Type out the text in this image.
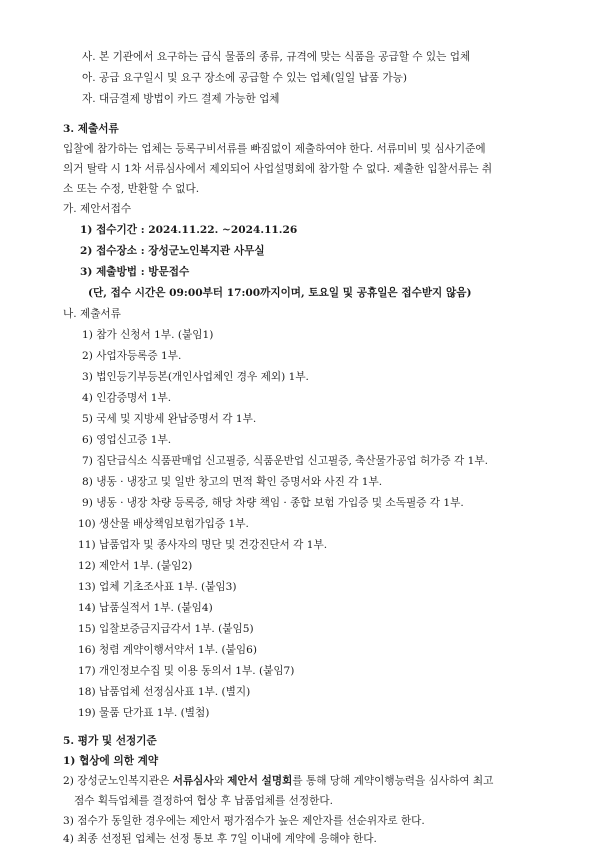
사. 본 기관에서 요구하는 급식 물품의 종류, 규격에 맞는 식품을 공급할 수 있는 업체
아. 공급 요구일시 및 요구 장소에 공급할 수 있는 업체(일일 납품 가능)
자. 대금결제 방법이 카드 결제 가능한 업체
3. 제출서류
입찰에 참가하는 업체는 등록구비서류를 빠짐없이 제출하여야 한다. 서류미비 및 심사기준에
의거 탈락 시 1차 서류심사에서 제외되어 사업설명회에 참가할 수 없다. 제출한 입찰서류는 취
소 또는 수정, 반환할 수 없다.
가. 제안서접수
1) 접수기간 : 2024.11.22. ~2024.11.26
2) 접수장소 : 장성군노인복지관 사무실
3) 제출방법 : 방문접수
(단, 접수 시간은 09:00부터 17:00까지이며, 토요일 및 공휴일은 접수받지 않음)
나. 제출서류
1) 참가 신청서 1부. (붙임1)
2) 사업자등록증 1부.
3) 법인등기부등본(개인사업체인 경우 제외) 1부.
4) 인감증명서 1부.
5) 국세 및 지방세 완납증명서 각 1부.
6) 영업신고증 1부.
7) 집단급식소 식품판매업 신고필증, 식품운반업 신고필증, 축산물가공업 허가증 각 1부.
8) 냉동 · 냉장고 및 일반 창고의 면적 확인 증명서와 사진 각 1부.
9) 냉동 · 냉장 차량 등록증, 해당 차량 책임 · 종합 보험 가입증 및 소독필증 각 1부.
10) 생산물 배상책임보험가입증 1부.
11) 납품업자 및 종사자의 명단 및 건강진단서 각 1부.
12) 제안서 1부. (붙임2)
13) 업체 기초조사표 1부. (붙임3)
14) 납품실적서 1부. (붙임4)
15) 입찰보증금지급각서 1부. (붙임5)
16) 청렴 계약이행서약서 1부. (붙임6)
17) 개인정보수집 및 이용 동의서 1부. (붙임7)
18) 납품업체 선정심사표 1부. (별지)
19) 물품 단가표 1부. (별첨)
5. 평가 및 선정기준
1) 협상에 의한 계약
2) 장성군노인복지관은 서류심사와 제안서 설명회를 통해 당해 계약이행능력을 심사하여 최고
점수 획득업체를 결정하여 협상 후 납품업체를 선정한다.
3) 점수가 동일한 경우에는 제안서 평가점수가 높은 제안자를 선순위자로 한다.
4) 최종 선정된 업체는 선정 통보 후 7일 이내에 계약에 응해야 한다.
